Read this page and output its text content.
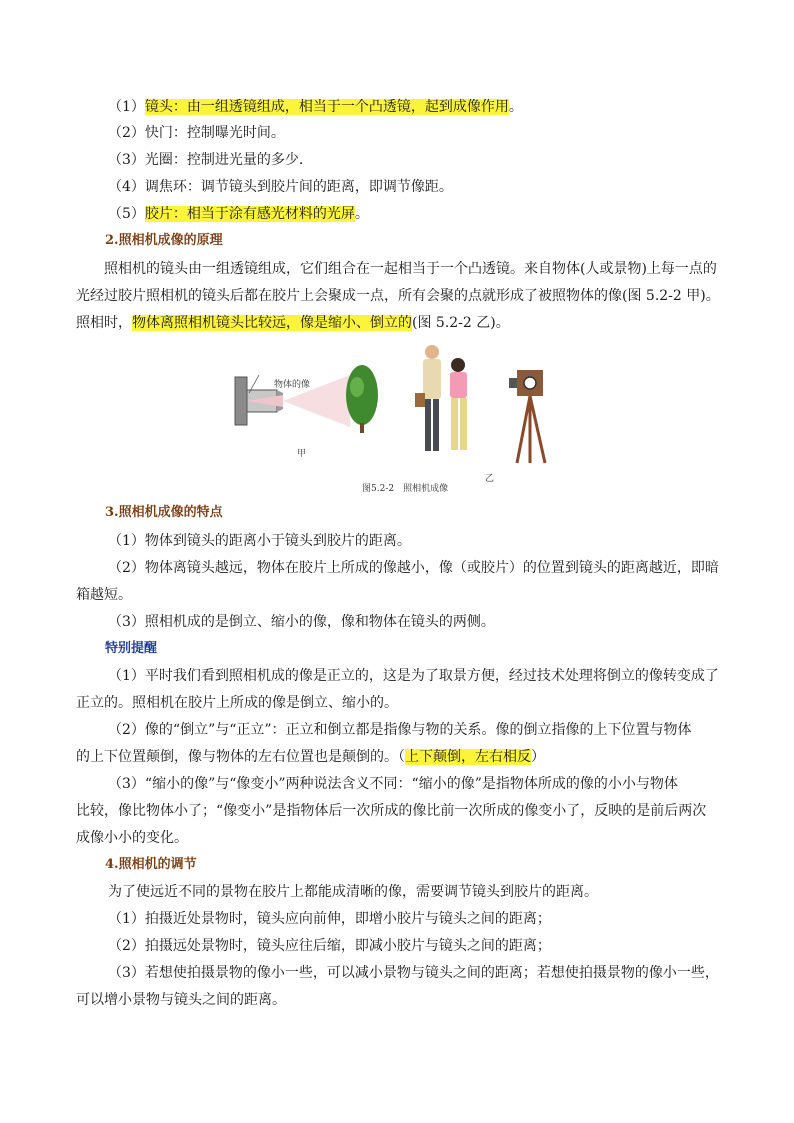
（1）镜头：由一组透镜组成，相当于一个凸透镜，起到成像作用。
（2）快门：控制曝光时间。
（3）光圈：控制进光量的多少.
（4）调焦环：调节镜头到胶片间的距离，即调节像距。
（5）胶片：相当于涂有感光材料的光屏。
2.照相机成像的原理
照相机的镜头由一组透镜组成，它们组合在一起相当于一个凸透镜。来自物体(人或景物)上每一点的
光经过胶片照相机的镜头后都在胶片上会聚成一点，所有会聚的点就形成了被照物体的像(图 5.2-2 甲)。
照相时，物体离照相机镜头比较远，像是缩小、倒立的(图 5.2-2 乙)。
物体的像
甲
乙
图5.2-2　照相机成像
3.照相机成像的特点
（1）物体到镜头的距离小于镜头到胶片的距离。
（2）物体离镜头越远，物体在胶片上所成的像越小，像（或胶片）的位置到镜头的距离越近，即暗
箱越短。
（3）照相机成的是倒立、缩小的像，像和物体在镜头的两侧。
特别提醒
（1）平时我们看到照相机成的像是正立的，这是为了取景方便，经过技术处理将倒立的像转变成了
正立的。照相机在胶片上所成的像是倒立、缩小的。
（2）像的“倒立”与“正立”：正立和倒立都是指像与物的关系。像的倒立指像的上下位置与物体
的上下位置颠倒，像与物体的左右位置也是颠倒的。（上下颠倒，左右相反）
（3）“缩小的像”与“像变小”两种说法含义不同：“缩小的像”是指物体所成的像的小小与物体
比较，像比物体小了；“像变小”是指物体后一次所成的像比前一次所成的像变小了，反映的是前后两次
成像小小的变化。
4.照相机的调节
为了使远近不同的景物在胶片上都能成清晰的像，需要调节镜头到胶片的距离。
（1）拍摄近处景物时，镜头应向前伸，即增小胶片与镜头之间的距离；
（2）拍摄远处景物时，镜头应往后缩，即减小胶片与镜头之间的距离；
（3）若想使拍摄景物的像小一些，可以减小景物与镜头之间的距离；若想使拍摄景物的像小一些，
可以增小景物与镜头之间的距离。
